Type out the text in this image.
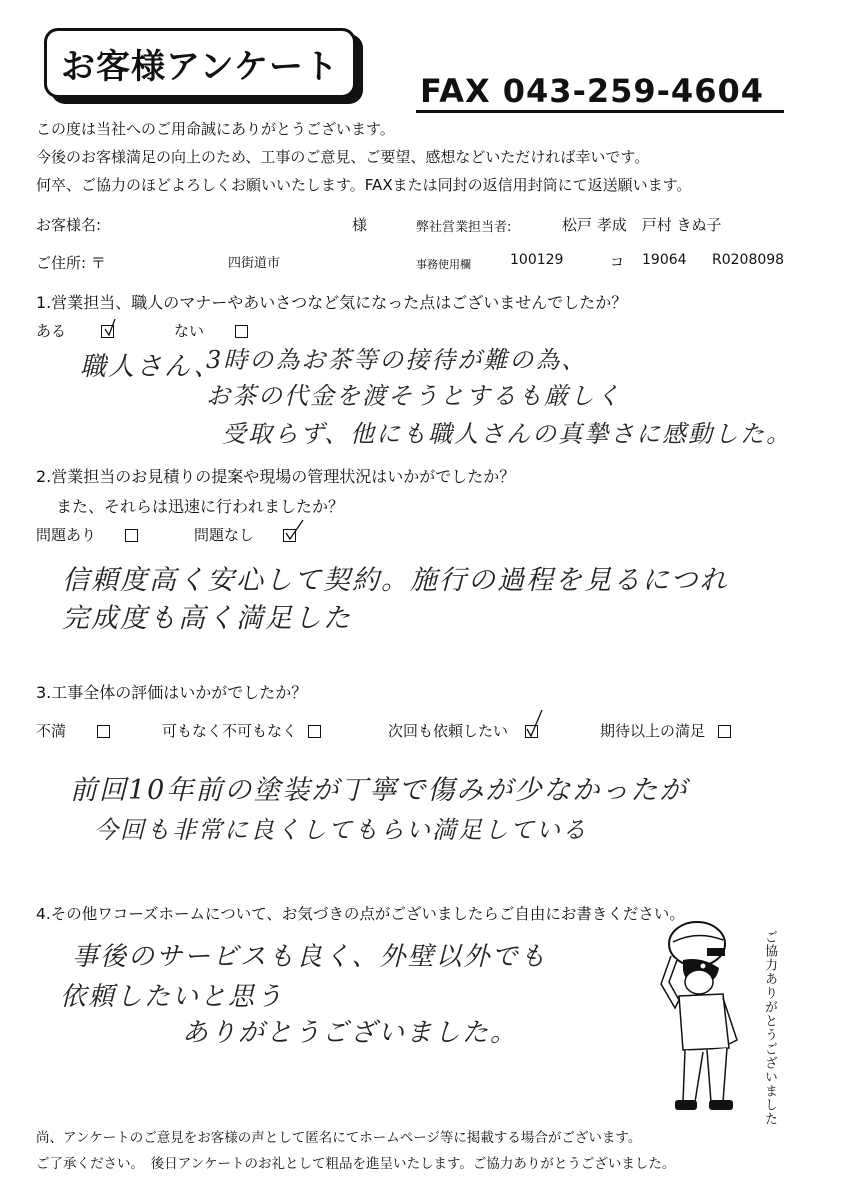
お客様アンケート
FAX 043-259-4604
この度は当社へのご用命誠にありがとうございます。
今後のお客様満足の向上のため、工事のご意見、ご要望、感想などいただければ幸いです。
何卒、ご協力のほどよろしくお願いいたします。FAXまたは同封の返信用封筒にて返送願います。
お客様名:	様	弊社営業担当者:	松戸 孝成　戸村 きぬ子
ご住所: 〒	四街道市	事務使用欄	100129	コ 19064 R0208098
1.営業担当、職人のマナーやあいさつなど気になった点はございませんでしたか？
ある	ない
職人さん、
3時の為お茶等の接待が難の為、
お茶の代金を渡そうとするも厳しく
受取らず、他にも職人さんの真摯さに感動した。
2.営業担当のお見積りの提案や現場の管理状況はいかがでしたか？
また、それらは迅速に行われましたか？
問題あり	問題なし
信頼度高く安心して契約。施行の過程を見るにつれ
完成度も高く満足した
3.工事全体の評価はいかがでしたか？
不満	可もなく不可もなく	次回も依頼したい	期待以上の満足
前回10年前の塗装が丁寧で傷みが少なかったが
今回も非常に良くしてもらい満足している
4.その他ワコーズホームについて、お気づきの点がございましたらご自由にお書きください。
事後のサービスも良く、外壁以外でも
依頼したいと思う
ありがとうございました。	ご協力ありがとうございました
尚、アンケートのご意見をお客様の声として匿名にてホームページ等に掲載する場合がございます。
ご了承ください。　後日アンケートのお礼として粗品を進呈いたします。ご協力ありがとうございました。
